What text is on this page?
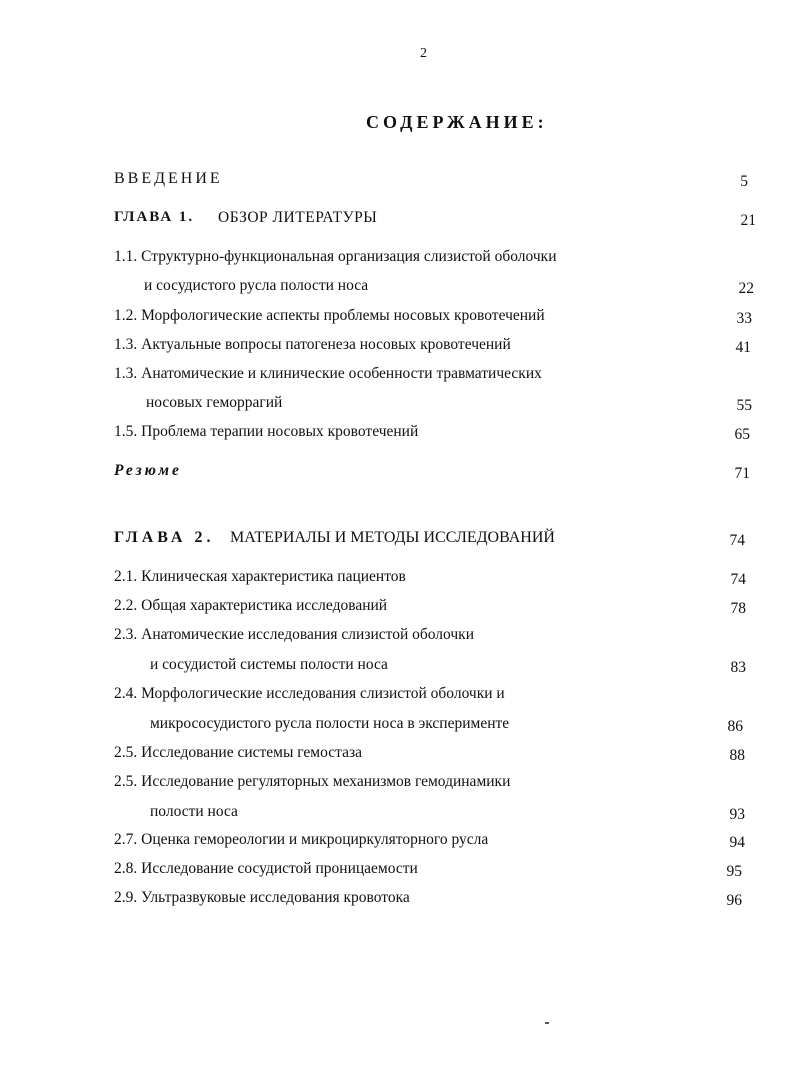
2
СОДЕРЖАНИЕ:
ВВЕДЕНИЕ	5
ГЛАВА 1. ОБЗОР ЛИТЕРАТУРЫ	21
1.1. Структурно-функциональная организация слизистой оболочки
и сосудистого русла полости носа	22
1.2. Морфологические аспекты проблемы носовых кровотечений	33
1.3. Актуальные вопросы патогенеза носовых кровотечений	41
1.3. Анатомические и клинические особенности травматических
носовых геморрагий	55
1.5. Проблема терапии носовых кровотечений	65
Резюме	71
ГЛАВА 2. МАТЕРИАЛЫ И МЕТОДЫ ИССЛЕДОВАНИЙ	74
2.1. Клиническая характеристика пациентов	74
2.2. Общая характеристика исследований	78
2.3. Анатомические исследования слизистой оболочки
и сосудистой системы полости носа	83
2.4. Морфологические исследования слизистой оболочки и
микрососудистого русла полости носа в эксперименте	86
2.5. Исследование системы гемостаза	88
2.5. Исследование регуляторных механизмов гемодинамики
полости носа	93
2.7. Оценка гемореологии и микроциркуляторного русла	94
2.8. Исследование сосудистой проницаемости	95
2.9. Ультразвуковые исследования кровотока	96
